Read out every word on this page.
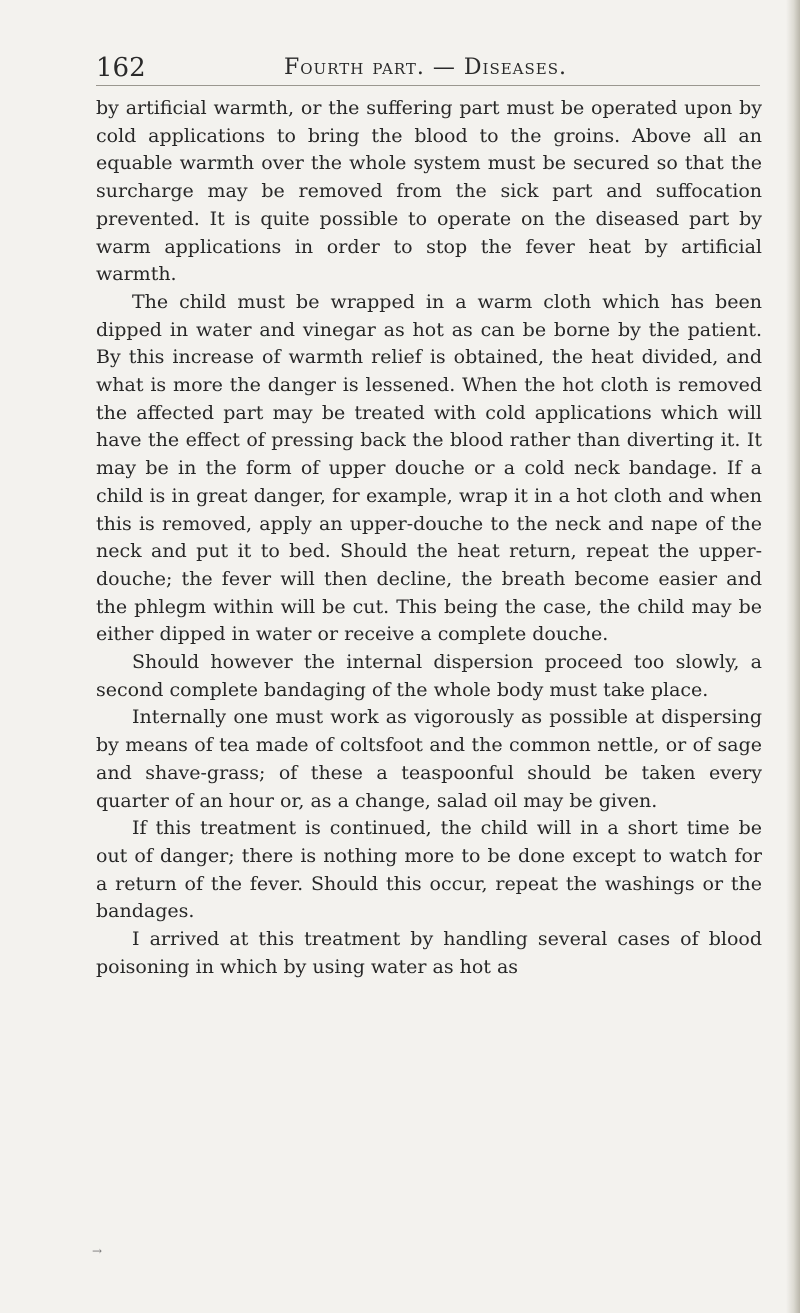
162	Fourth part. — Diseases.

by artificial warmth, or the suffering part must be operated upon by cold applications to bring the blood to the groins. Above all an equable warmth over the whole system must be secured so that the surcharge may be removed from the sick part and suffocation prevented. It is quite possible to operate on the diseased part by warm applications in order to stop the fever heat by artificial warmth.

The child must be wrapped in a warm cloth which has been dipped in water and vinegar as hot as can be borne by the patient. By this increase of warmth relief is obtained, the heat divided, and what is more the danger is lessened. When the hot cloth is removed the affected part may be treated with cold applications which will have the effect of pressing back the blood rather than diverting it. It may be in the form of upper douche or a cold neck bandage. If a child is in great danger, for example, wrap it in a hot cloth and when this is removed, apply an upper-douche to the neck and nape of the neck and put it to bed. Should the heat return, repeat the upper-douche; the fever will then decline, the breath become easier and the phlegm within will be cut. This being the case, the child may be either dipped in water or receive a complete douche.

Should however the internal dispersion proceed too slowly, a second complete bandaging of the whole body must take place.

Internally one must work as vigorously as possible at dispersing by means of tea made of coltsfoot and the common nettle, or of sage and shave-grass; of these a teaspoonful should be taken every quarter of an hour or, as a change, salad oil may be given.

If this treatment is continued, the child will in a short time be out of danger; there is nothing more to be done except to watch for a return of the fever. Should this occur, repeat the washings or the bandages.

I arrived at this treatment by handling several cases of blood poisoning in which by using water as hot as

→
